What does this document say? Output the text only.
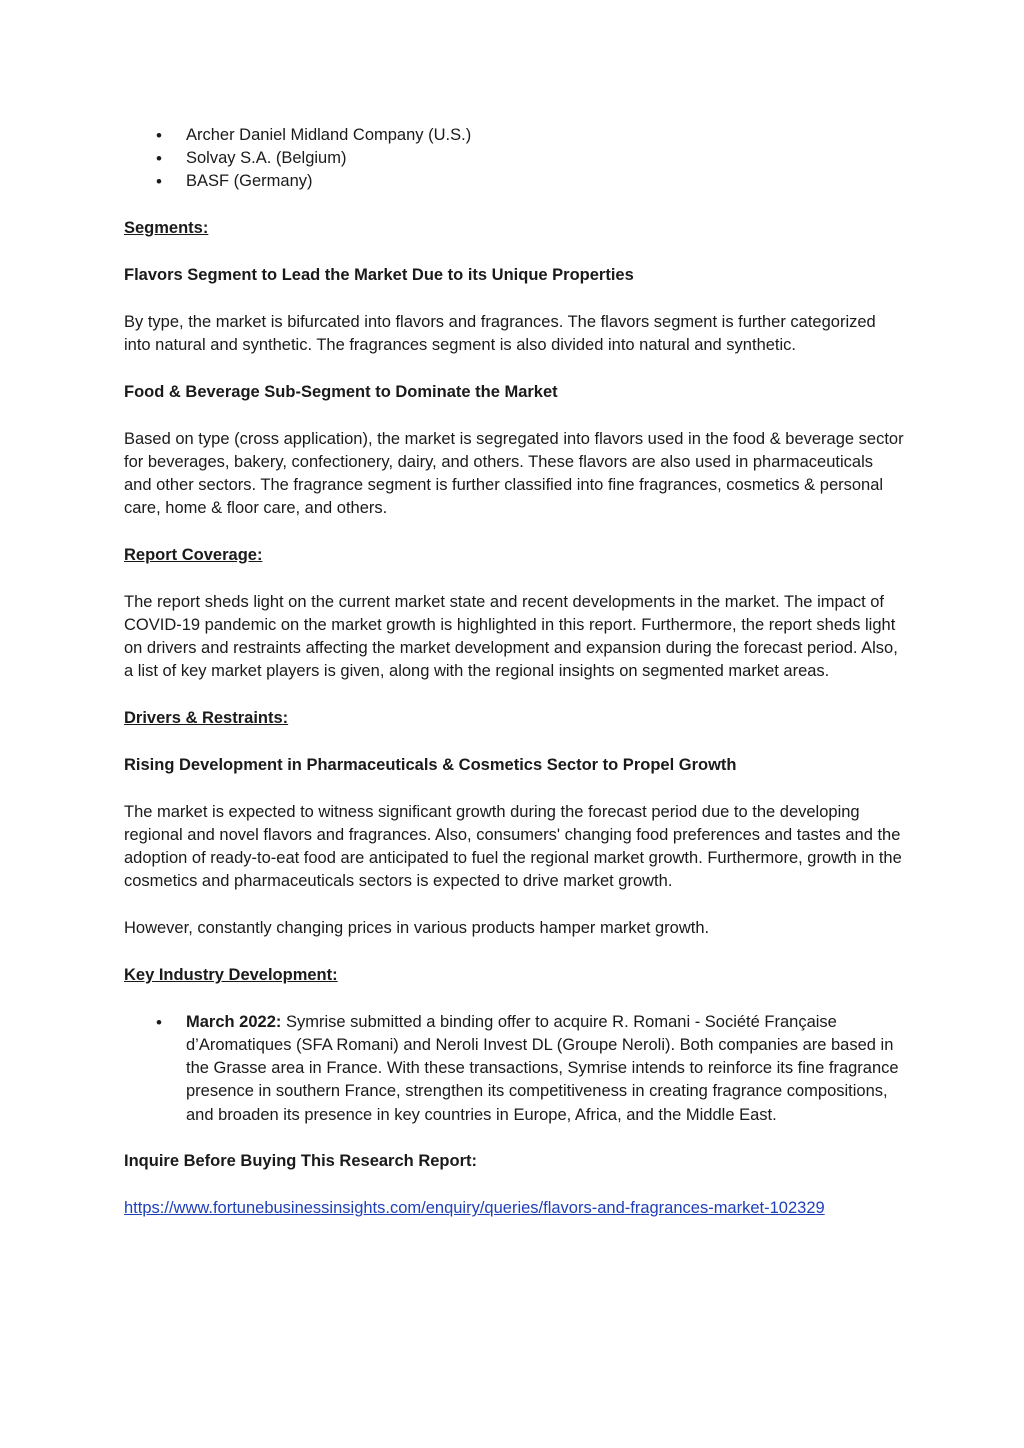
• Archer Daniel Midland Company (U.S.)
• Solvay S.A. (Belgium)
• BASF (Germany)

Segments:

Flavors Segment to Lead the Market Due to its Unique Properties

By type, the market is bifurcated into flavors and fragrances. The flavors segment is further categorized into natural and synthetic. The fragrances segment is also divided into natural and synthetic.

Food & Beverage Sub-Segment to Dominate the Market

Based on type (cross application), the market is segregated into flavors used in the food & beverage sector for beverages, bakery, confectionery, dairy, and others. These flavors are also used in pharmaceuticals and other sectors. The fragrance segment is further classified into fine fragrances, cosmetics & personal care, home & floor care, and others.

Report Coverage:

The report sheds light on the current market state and recent developments in the market. The impact of COVID-19 pandemic on the market growth is highlighted in this report. Furthermore, the report sheds light on drivers and restraints affecting the market development and expansion during the forecast period. Also, a list of key market players is given, along with the regional insights on segmented market areas.

Drivers & Restraints:

Rising Development in Pharmaceuticals & Cosmetics Sector to Propel Growth

The market is expected to witness significant growth during the forecast period due to the developing regional and novel flavors and fragrances. Also, consumers' changing food preferences and tastes and the adoption of ready-to-eat food are anticipated to fuel the regional market growth. Furthermore, growth in the cosmetics and pharmaceuticals sectors is expected to drive market growth.

However, constantly changing prices in various products hamper market growth.

Key Industry Development:

• March 2022: Symrise submitted a binding offer to acquire R. Romani - Société Française d’Aromatiques (SFA Romani) and Neroli Invest DL (Groupe Neroli). Both companies are based in the Grasse area in France. With these transactions, Symrise intends to reinforce its fine fragrance presence in southern France, strengthen its competitiveness in creating fragrance compositions, and broaden its presence in key countries in Europe, Africa, and the Middle East.

Inquire Before Buying This Research Report:

https://www.fortunebusinessinsights.com/enquiry/queries/flavors-and-fragrances-market-102329
